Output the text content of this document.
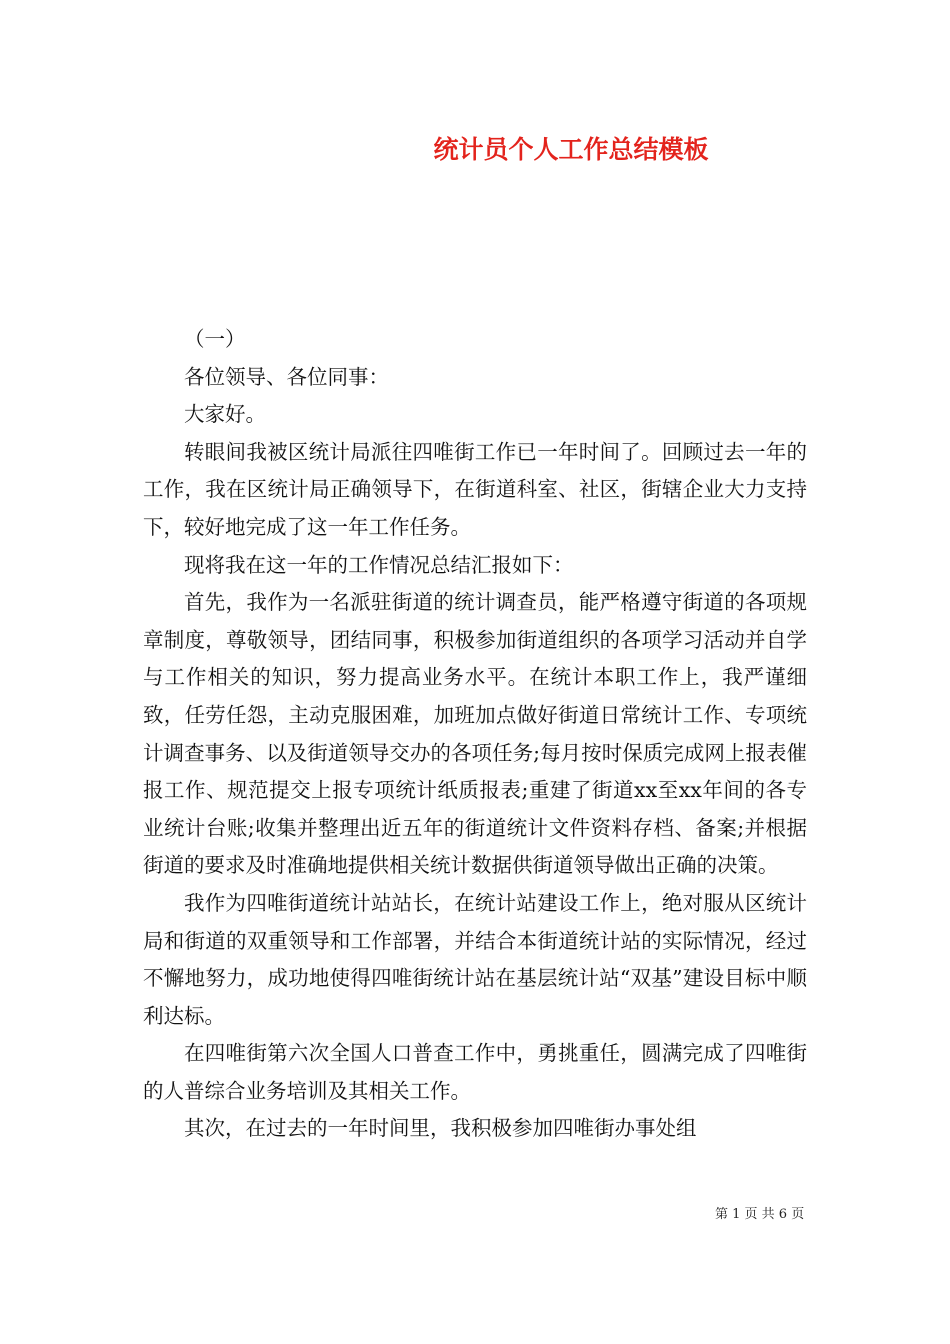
统计员个人工作总结模板

（一）

各位领导、各位同事：

大家好。

转眼间我被区统计局派往四唯街工作已一年时间了。回顾过去一年的工作，我在区统计局正确领导下，在街道科室、社区，街辖企业大力支持下，较好地完成了这一年工作任务。

现将我在这一年的工作情况总结汇报如下：

首先，我作为一名派驻街道的统计调查员，能严格遵守街道的各项规章制度，尊敬领导，团结同事，积极参加街道组织的各项学习活动并自学与工作相关的知识，努力提高业务水平。在统计本职工作上，我严谨细致，任劳任怨，主动克服困难，加班加点做好街道日常统计工作、专项统计调查事务、以及街道领导交办的各项任务;每月按时保质完成网上报表催报工作、规范提交上报专项统计纸质报表;重建了街道xx至xx年间的各专业统计台账;收集并整理出近五年的街道统计文件资料存档、备案;并根据街道的要求及时准确地提供相关统计数据供街道领导做出正确的决策。

我作为四唯街道统计站站长，在统计站建设工作上，绝对服从区统计局和街道的双重领导和工作部署，并结合本街道统计站的实际情况，经过不懈地努力，成功地使得四唯街统计站在基层统计站“双基”建设目标中顺利达标。

在四唯街第六次全国人口普查工作中，勇挑重任，圆满完成了四唯街的人普综合业务培训及其相关工作。

其次，在过去的一年时间里，我积极参加四唯街办事处组

第 1 页 共 6 页
